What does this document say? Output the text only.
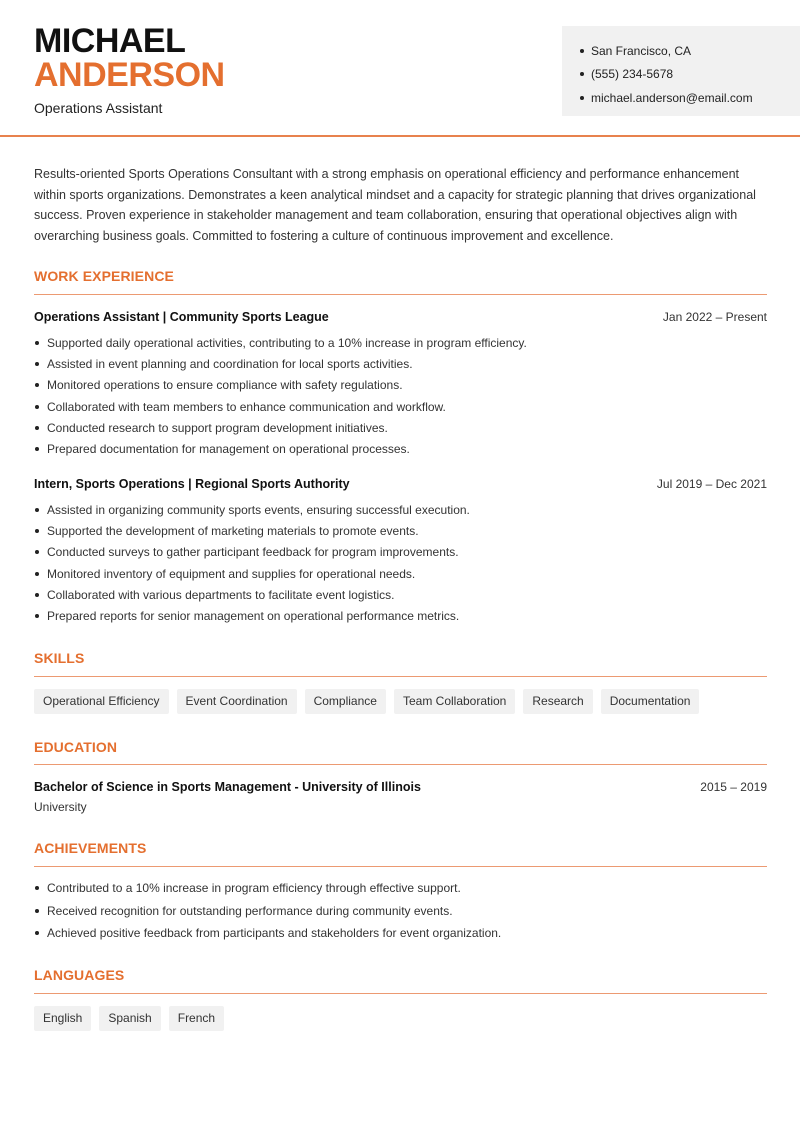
MICHAEL
ANDERSON
Operations Assistant
San Francisco, CA
(555) 234-5678
michael.anderson@email.com

Results-oriented Sports Operations Consultant with a strong emphasis on operational efficiency and performance enhancement within sports organizations. Demonstrates a keen analytical mindset and a capacity for strategic planning that drives organizational success. Proven experience in stakeholder management and team collaboration, ensuring that operational objectives align with overarching business goals. Committed to fostering a culture of continuous improvement and excellence.

WORK EXPERIENCE
Operations Assistant | Community Sports League	Jan 2022 – Present
Supported daily operational activities, contributing to a 10% increase in program efficiency.
Assisted in event planning and coordination for local sports activities.
Monitored operations to ensure compliance with safety regulations.
Collaborated with team members to enhance communication and workflow.
Conducted research to support program development initiatives.
Prepared documentation for management on operational processes.
Intern, Sports Operations | Regional Sports Authority	Jul 2019 – Dec 2021
Assisted in organizing community sports events, ensuring successful execution.
Supported the development of marketing materials to promote events.
Conducted surveys to gather participant feedback for program improvements.
Monitored inventory of equipment and supplies for operational needs.
Collaborated with various departments to facilitate event logistics.
Prepared reports for senior management on operational performance metrics.
SKILLS
Operational Efficiency	Event Coordination	Compliance	Team Collaboration	Research	Documentation
EDUCATION
Bachelor of Science in Sports Management - University of Illinois	2015 – 2019
University
ACHIEVEMENTS
Contributed to a 10% increase in program efficiency through effective support.
Received recognition for outstanding performance during community events.
Achieved positive feedback from participants and stakeholders for event organization.
LANGUAGES
English	Spanish	French
